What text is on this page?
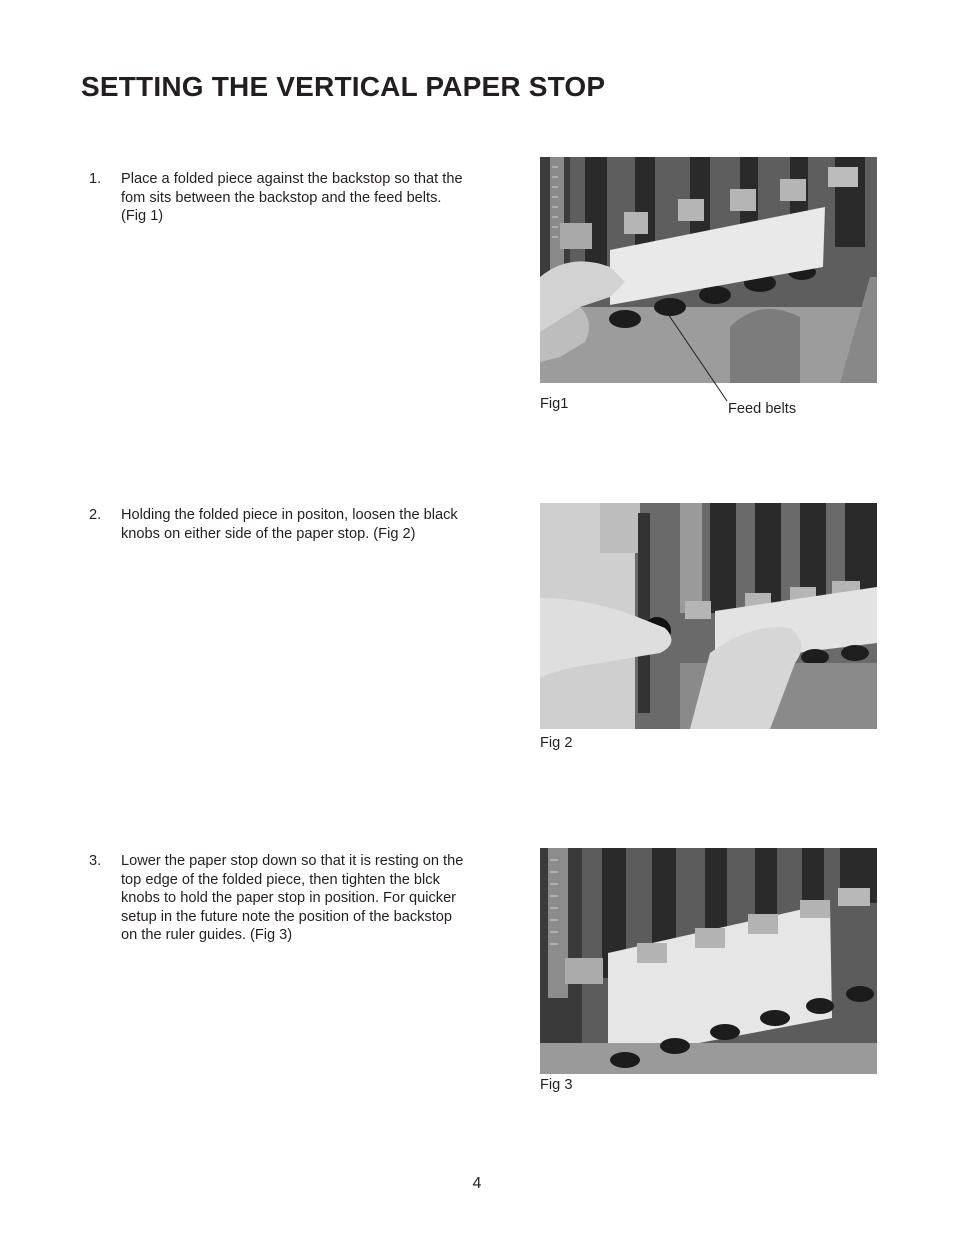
SETTING THE VERTICAL PAPER STOP
1. Place a folded piece against the backstop so that the fom sits between the backstop and the feed belts. (Fig 1)
Fig1	Feed belts
2. Holding the folded piece in positon, loosen the black knobs on either side of the paper stop. (Fig 2)
Fig 2
3. Lower the paper stop down so that it is resting on the top edge of the folded piece, then tighten the blck knobs to hold the paper stop in position. For quicker setup in the future note the position of the backstop on the ruler guides. (Fig 3)
Fig 3
4
